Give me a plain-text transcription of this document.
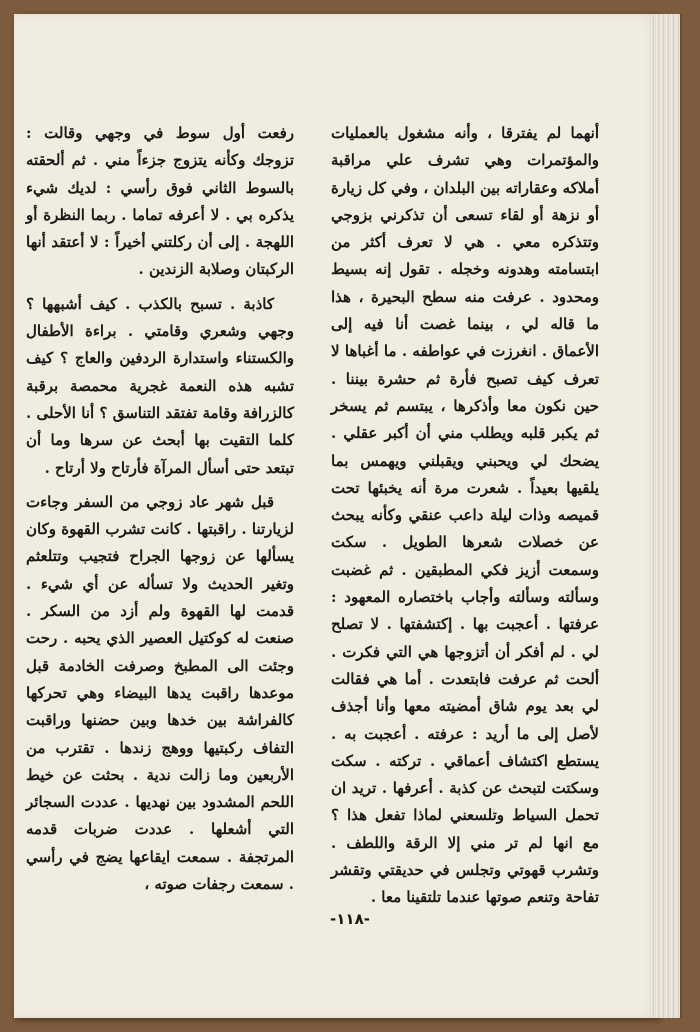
أنهما لم يفترقا ، وأنه مشغول بالعمليات والمؤتمرات وهي تشرف علي مراقبة أملاكه وعقاراته بين البلدان ، وفي كل زيارة أو نزهة أو لقاء تسعى أن تذكرني بزوجي وتتذكره معي . هي لا تعرف أكثر من ابتسامته وهدونه وخجله . تقول إنه بسيط ومحدود . عرفت منه سطح البحيرة ، هذا ما قاله لي ، بينما غصت أنا فيه إلى الأعماق . انغرزت في عواطفه . ما أغباها لا تعرف كيف تصبح فأرة ثم حشرة بيننا . حين نكون معا وأذكرها ، يبتسم ثم يسخر ثم يكبر قلبه ويطلب مني أن أكبر عقلي . يضحك لي ويحبني ويقبلني ويهمس بما يلقيها بعيداً . شعرت مرة أنه يخبئها تحت قميصه وذات ليلة داعب عنقي وكأنه يبحث عن خصلات شعرها الطويل . سكت وسمعت أزيز فكي المطبقين . ثم غضبت وسألته وسألته وأجاب باختصاره المعهود : عرفتها . أعجبت بها . إكتشفتها . لا تصلح لي . لم أفكر أن أتزوجها هي التي فكرت . ألحت ثم عرفت فابتعدت . أما هي فقالت لي بعد يوم شاق أمضيته معها وأنا أجذف لأصل إلى ما أريد : عرفته . أعجبت به . يستطع اكتشاف أعماقي . تركته . سكت وسكتت لتبحث عن كذبة . أعرفها . تريد ان تحمل السياط وتلسعني لماذا تفعل هذا ؟ مع انها لم تر مني إلا الرقة واللطف . وتشرب قهوتي وتجلس في حديقتي وتقشر تفاحة وتنعم صوتها عندما تلتقينا معا .

رفعت أول سوط في وجهي وقالت : تزوجك وكأنه يتزوج جزءاً مني . ثم ألحقته بالسوط الثاني فوق رأسي : لديك شيء يذكره بي . لا أعرفه تماما . ربما النظرة أو اللهجة . إلى أن ركلتني أخيراً : لا أعتقد أنها الركبتان وصلابة الزندين .

كاذبة . تسبح بالكذب . كيف أشبهها ؟ وجهي وشعري وقامتي . براءة الأطفال والكستناء واستدارة الردفين والعاج ؟ كيف تشبه هذه النعمة غجرية محمصة برقبة كالزرافة وقامة تفتقد التناسق ؟ أنا الأحلى . كلما التقيت بها أبحث عن سرها وما أن تبتعد حتى أسأل المرآة فأرتاح ولا أرتاح .

قبل شهر عاد زوجي من السفر وجاءت لزيارتنا . راقبتها . كانت تشرب القهوة وكان يسألها عن زوجها الجراح فتجيب وتتلعثم وتغير الحديث ولا تسأله عن أي شيء . قدمت لها القهوة ولم أزد من السكر . صنعت له كوكتيل العصير الذي يحبه . رحت وجئت الى المطبخ وصرفت الخادمة قبل موعدها راقبت يدها البيضاء وهي تحركها كالفراشة بين خدها وبين حضنها وراقبت التفاف ركبتيها ووهج زندها . تقترب من الأربعين وما زالت ندية . بحثت عن خيط اللحم المشدود بين نهديها . عددت السجائر التي أشعلها . عددت ضربات قدمه المرتجفة . سمعت ايقاعها يضج في رأسي . سمعت رجفات صوته ،

-١١٨-
